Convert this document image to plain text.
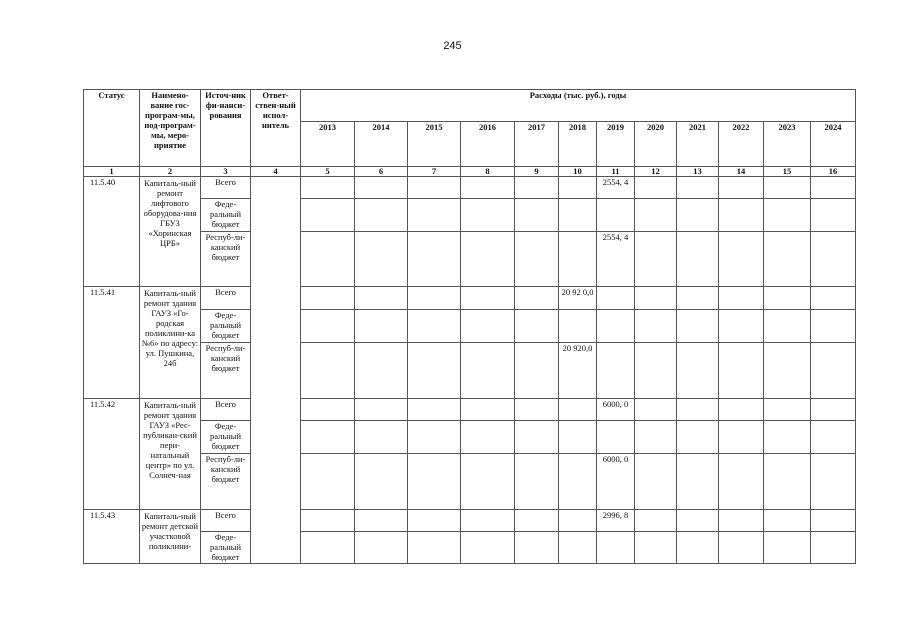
245
Статус	Наимено-вание гос-програм-мы, под-програм-мы, меро-приятие	Источ-ник фи-нанси-рования	Ответ-ствен-ный испол-нитель	Расходы (тыс. руб.), годы											
				2013	2014	2015	2016	2017	2018	2019	2020	2021	2022	2023	2024
1	2	3	4	5	6	7	8	9	10	11	12	13	14	15	16
11.5.40	Капиталь-ный ремонт лифтового оборудова-ния ГБУЗ «Хоринская ЦРБ»	Всего								2554, 4					
		Феде-ральный бюджет													
		Респуб-ли-канский бюджет								2554, 4					
11.5.41	Капиталь-ный ремонт здания ГАУЗ «Го-родская поликлини-ка №6» по адресу: ул. Пушкина, 24б	Всего							20 92 0,0						
		Феде-ральный бюджет													
		Респуб-ли-канский бюджет							20 920,0						
11.5.42	Капиталь-ный ремонт здания ГАУЗ «Рес-публикан-ский пери-натальный центр» по ул. Солнеч-ная	Всего								6000, 0					
		Феде-ральный бюджет													
		Респуб-ли-канский бюджет								6000, 0					
11.5.43	Капиталь-ный ремонт детской участковой поликлини-	Всего								2996, 8					
		Феде-ральный бюджет													
